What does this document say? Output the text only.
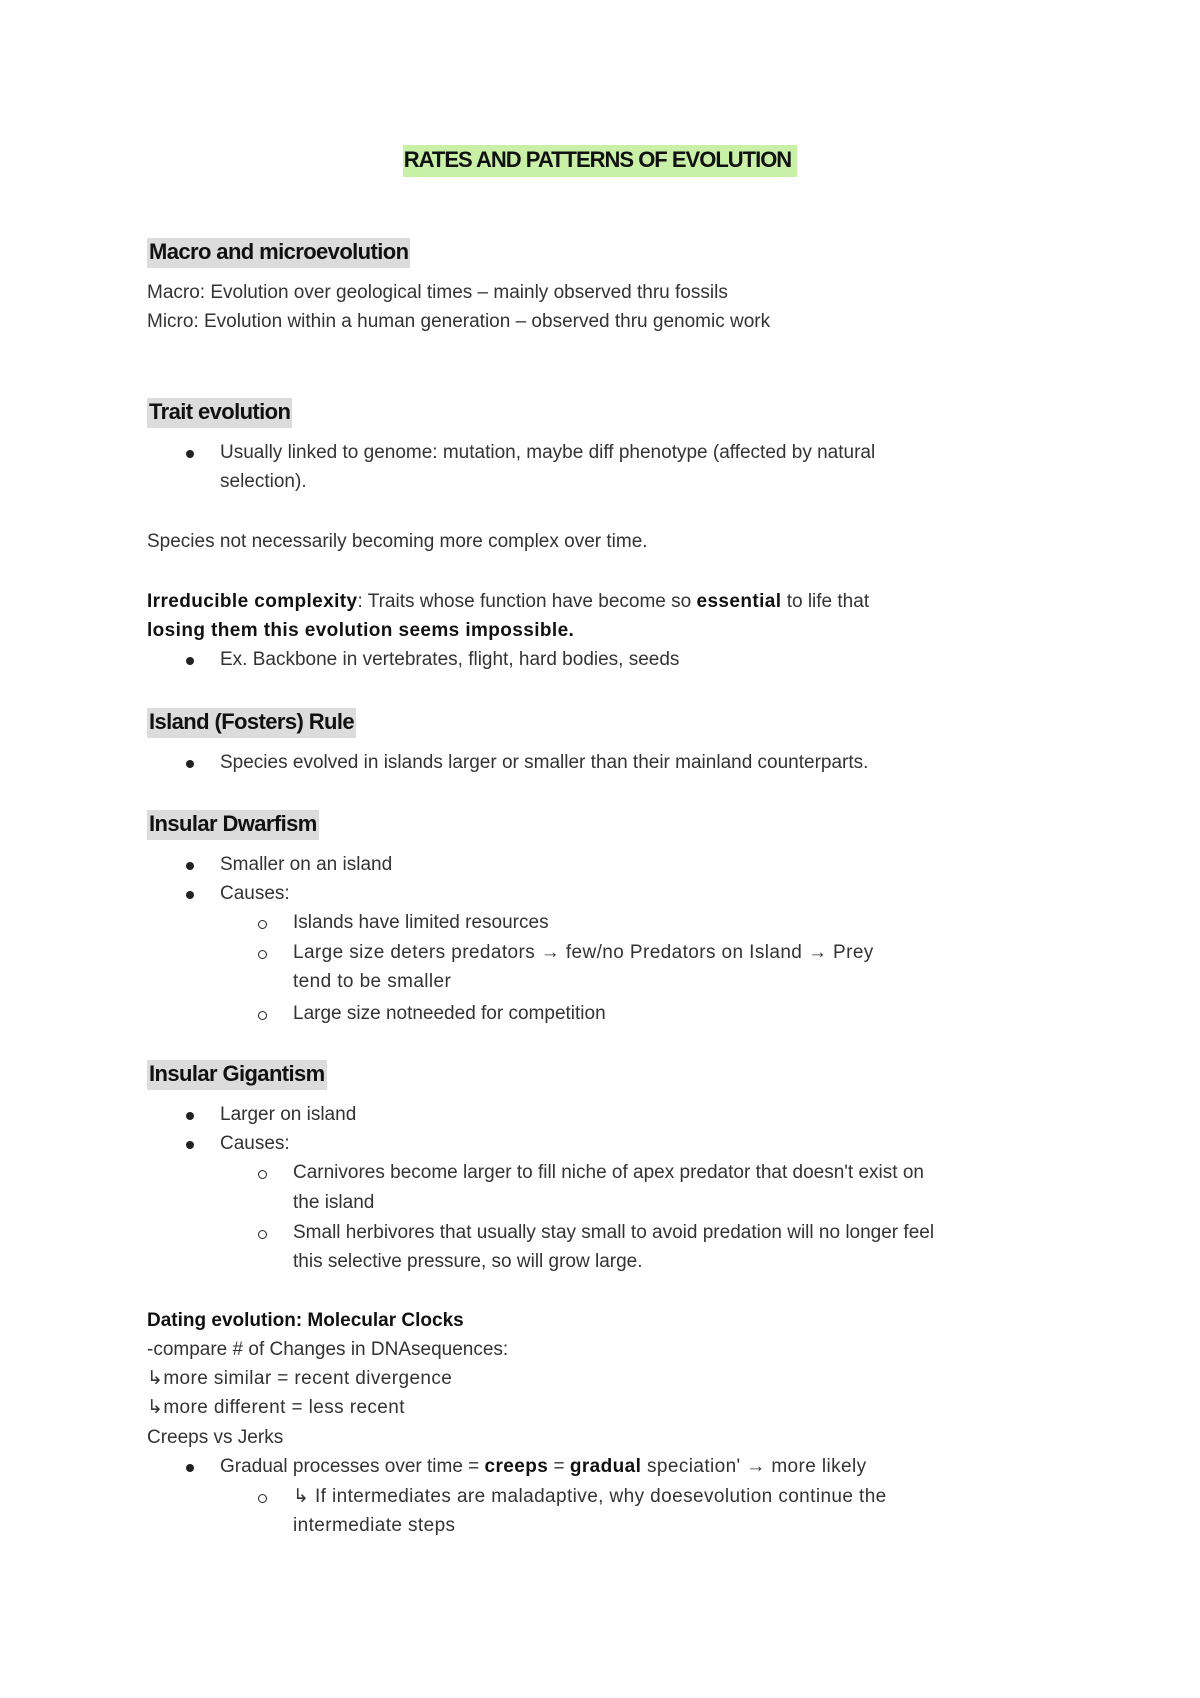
RATES AND PATTERNS OF EVOLUTION
Macro and microevolution
Macro: Evolution over geological times – mainly observed thru fossils
Micro: Evolution within a human generation – observed thru genomic work
Trait evolution
Usually linked to genome: mutation, maybe diff phenotype (affected by natural
selection).
Species not necessarily becoming more complex over time.
Irreducible complexity: Traits whose function have become so essential to life that
losing them this evolution seems impossible.
Ex. Backbone in vertebrates, flight, hard bodies, seeds
Island (Fosters) Rule
Species evolved in islands larger or smaller than their mainland counterparts.
Insular Dwarfism
Smaller on an island
Causes:
Islands have limited resources
Large size deters predators → few/no Predators on Island → Prey
tend to be smaller
Large size notneeded for competition
Insular Gigantism
Larger on island
Causes:
Carnivores become larger to fill niche of apex predator that doesn't exist on
the island
Small herbivores that usually stay small to avoid predation will no longer feel
this selective pressure, so will grow large.
Dating evolution: Molecular Clocks
-compare # of Changes in DNAsequences:
↳more similar = recent divergence
↳more different = less recent
Creeps vs Jerks
Gradual processes over time = creeps = gradual speciation' → more likely
↳ If intermediates are maladaptive, why doesevolution continue the
intermediate steps
